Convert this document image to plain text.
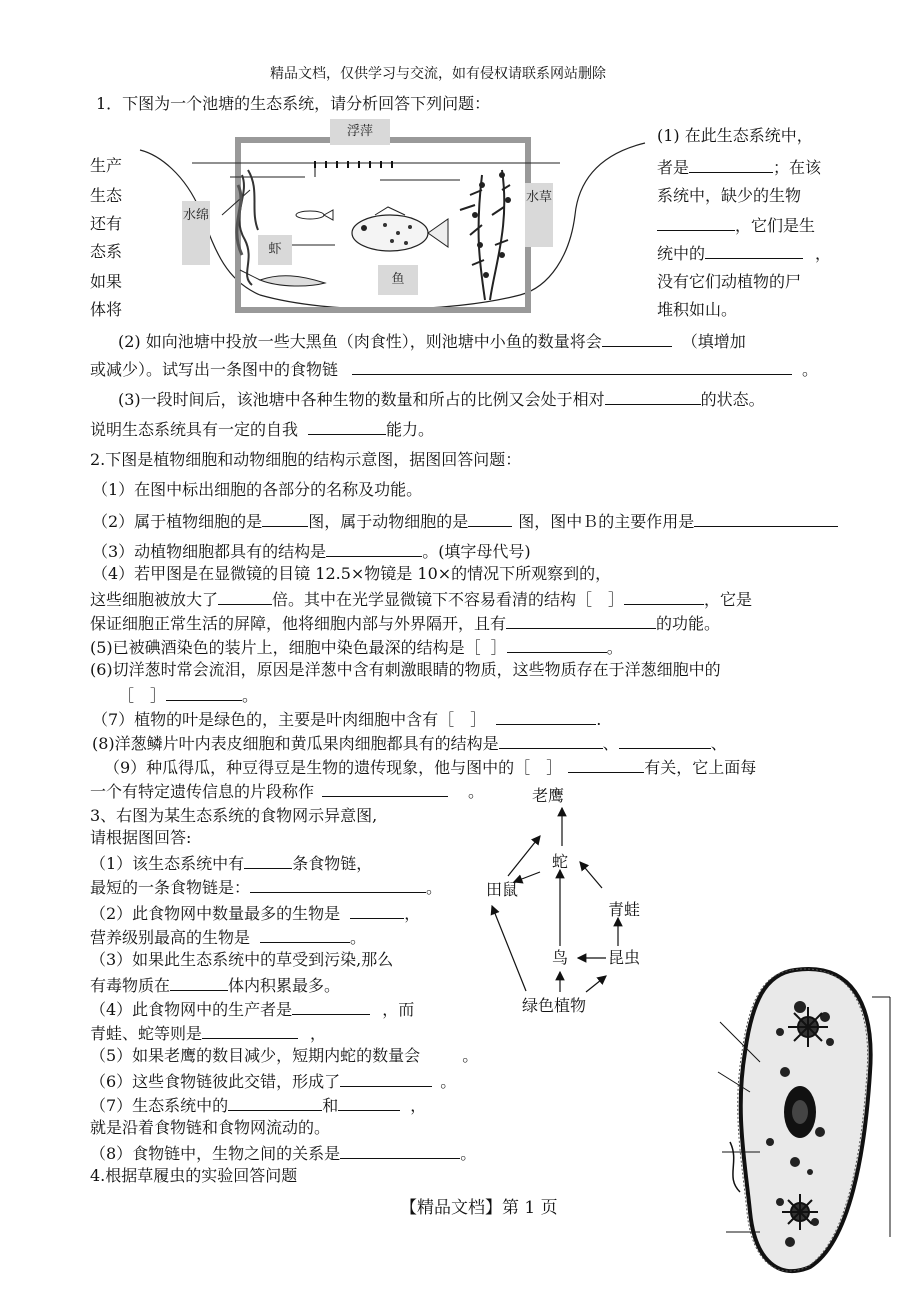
精品文档，仅供学习与交流，如有侵权请联系网站删除
1．下图为一个池塘的生态系统，请分析回答下列问题：
浮萍
水绵
水草
虾
鱼
生产
生态
还有
态系
如果
体将
(1) 在此生态系统中，
者是	；在该
系统中，缺少的生物
，它们是生
统中的	，
没有它们动植物的尸
堆积如山。
(2) 如向池塘中投放一些大黑鱼（肉食性），则池塘中小鱼的数量将会	（填增加
或减少）。试写出一条图中的食物链	。
(3)一段时间后，该池塘中各种生物的数量和所占的比例又会处于相对	的状态。
说明生态系统具有一定的自我	能力。
2.下图是植物细胞和动物细胞的结构示意图，据图回答问题：
（1）在图中标出细胞的各部分的名称及功能。
（2）属于植物细胞的是	图，属于动物细胞的是	图，图中Ｂ的主要作用是
（3）动植物细胞都具有的结构是	。(填字母代号)
（4）若甲图是在显微镜的目镜 12.5×物镜是 10×的情况下所观察到的，
这些细胞被放大了	倍。其中在光学显微镜下不容易看清的结构［ ］	，它是
保证细胞正常生活的屏障，他将细胞内部与外界隔开，且有	的功能。
(5)已被碘酒染色的装片上，细胞中染色最深的结构是［ ］	。
(6)切洋葱时常会流泪，原因是洋葱中含有刺激眼睛的物质，这些物质存在于洋葱细胞中的
［ ］	。
（7）植物的叶是绿色的，主要是叶肉细胞中含有［ ］	.
(8)洋葱鳞片叶内表皮细胞和黄瓜果肉细胞都具有的结构是	、	、
（9）种瓜得瓜，种豆得豆是生物的遗传现象，他与图中的［ ］	有关，它上面每
一个有特定遗传信息的片段称作	。
3、右图为某生态系统的食物网示异意图,
请根据图回答:
（1）该生态系统中有	条食物链，
最短的一条食物链是：	。
（2）此食物网中数量最多的生物是	，
营养级别最高的生物是	。
（3）如果此生态系统中的草受到污染,那么
有毒物质在	体内积累最多。
（4）此食物网中的生产者是	，而
青蛙、蛇等则是	，
（5）如果老鹰的数目减少，短期内蛇的数量会	。
（6）这些食物链彼此交错，形成了	。
（7）生态系统中的	和	，
就是沿着食物链和食物网流动的。
（8）食物链中，生物之间的关系是	。
4.根据草履虫的实验回答问题
老鹰
蛇
田鼠
青蛙
鸟 昆虫
绿色植物
【精品文档】第 1 页
